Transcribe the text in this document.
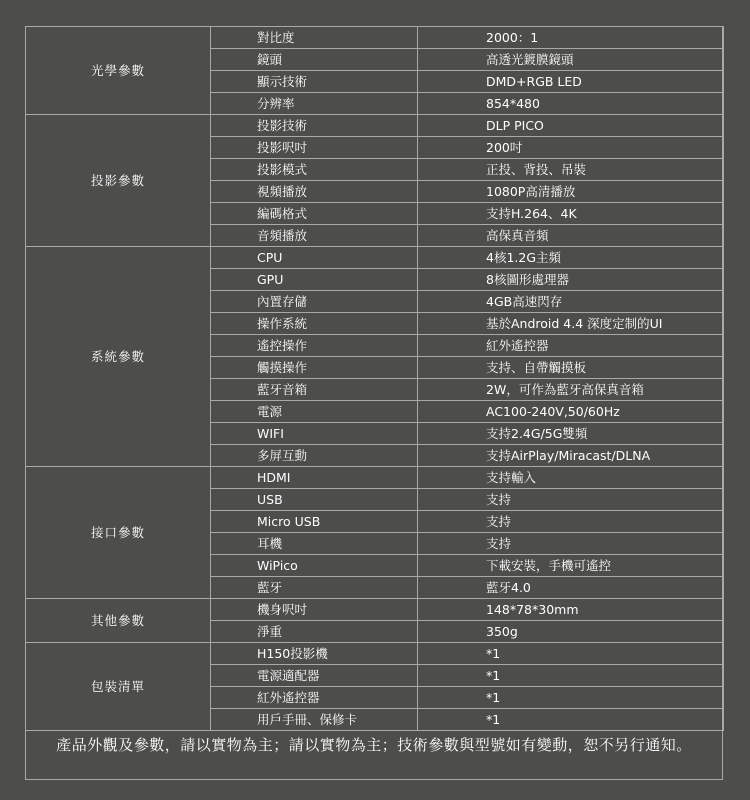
光學參數	對比度	2000：1
	鏡頭	高透光鍍膜鏡頭
	顯示技術	DMD+RGB LED
	分辨率	854*480
投影參數	投影技術	DLP PICO
	投影呎吋	200吋
	投影模式	正投、背投、吊裝
	視頻播放	1080P高清播放
	編碼格式	支持H.264、4K
	音頻播放	高保真音頻
系統參數	CPU	4核1.2G主頻
	GPU	8核圖形處理器
	內置存儲	4GB高速閃存
	操作系統	基於Android 4.4 深度定制的UI
	遙控操作	紅外遙控器
	觸摸操作	支持、自帶觸摸板
	藍牙音箱	2W，可作為藍牙高保真音箱
	電源	AC100-240V,50/60Hz
	WIFI	支持2.4G/5G雙頻
	多屏互動	支持AirPlay/Miracast/DLNA
接口參數	HDMI	支持輸入
	USB	支持
	Micro USB	支持
	耳機	支持
	WiPico	下載安裝，手機可遙控
	藍牙	藍牙4.0
其他參數	機身呎吋	148*78*30mm
	淨重	350g
包裝清單	H150投影機	*1
	電源適配器	*1
	紅外遙控器	*1
	用戶手冊、保修卡	*1
產品外觀及參數，請以實物為主；請以實物為主；技術參數與型號如有變動，恕不另行通知。
